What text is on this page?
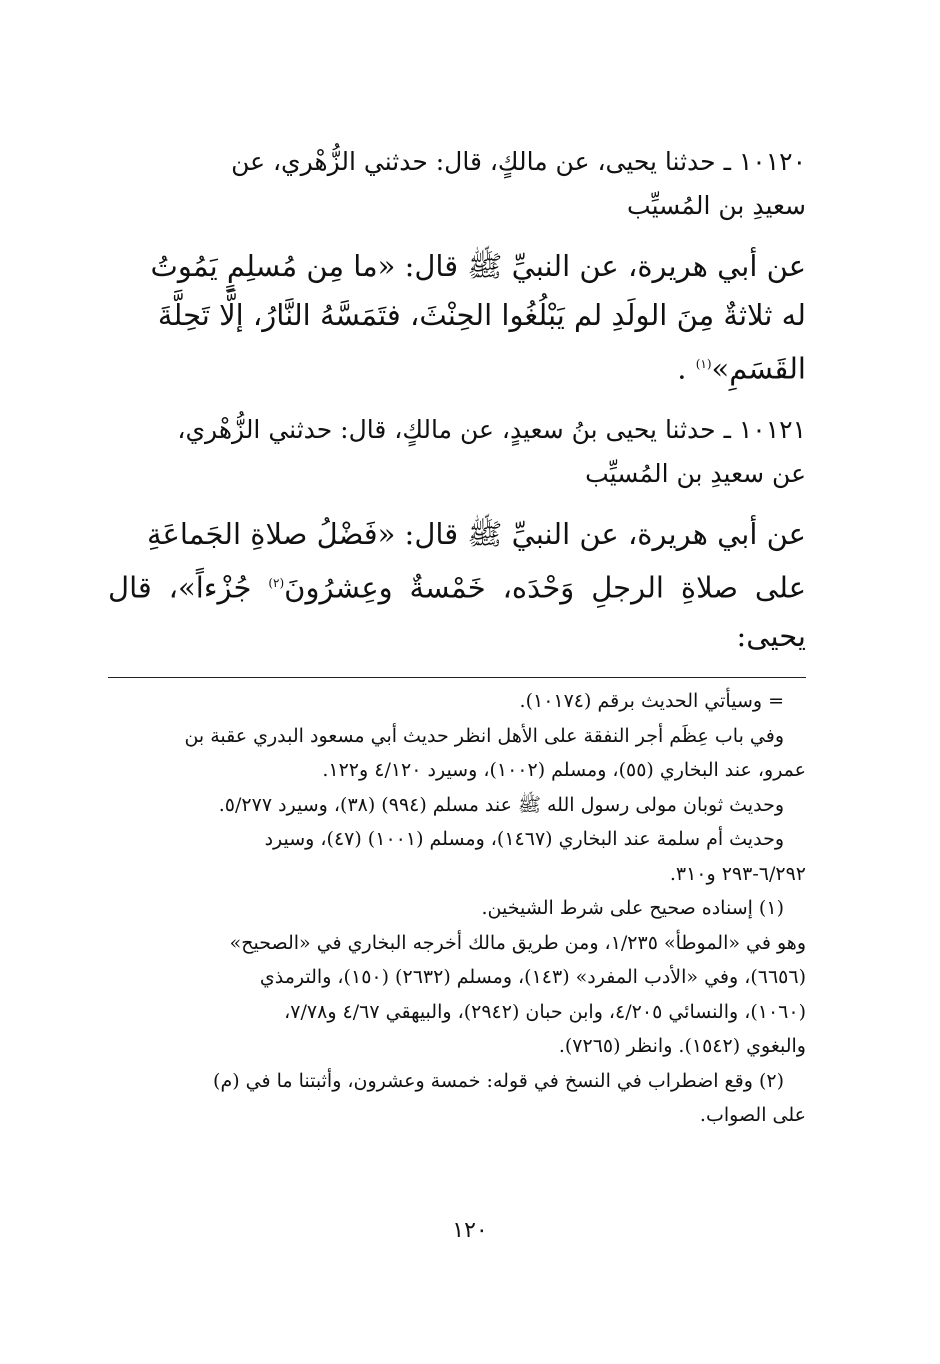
١٠١٢٠ ـ حدثنا يحيى، عن مالكٍ، قال: حدثني الزُّهْري، عن
سعيدِ بن المُسيِّب

عن أبي هريرة، عن النبيِّ ﷺ قال: «ما مِن مُسلِمٍ يَمُوتُ
له ثلاثةٌ مِنَ الولَدِ لم يَبْلُغُوا الحِنْثَ، فتَمَسَّهُ النَّارُ، إلَّا تَحِلَّةَ
القَسَمِ»$^{(١)}$ .

١٠١٢١ ـ حدثنا يحيى بنُ سعيدٍ، عن مالكٍ، قال: حدثني الزُّهْري،
عن سعيدِ بن المُسيِّب

عن أبي هريرة، عن النبيِّ ﷺ قال: «فَضْلُ صلاةِ الجَماعَةِ
على صلاةِ الرجلِ وَحْدَه، خَمْسةٌ وعِشرُونَ$^{(٢)}$ جُزْءاً»، قال يحيى:

= وسيأتي الحديث برقم (١٠١٧٤).

وفي باب عِظَم أجر النفقة على الأهل انظر حديث أبي مسعود البدري عقبة بن

عمرو، عند البخاري (٥٥)، ومسلم (١٠٠٢)، وسيرد ٤/١٢٠ و١٢٢.

وحديث ثوبان مولى رسول الله ﷺ عند مسلم (٩٩٤) (٣٨)، وسيرد ٥/٢٧٧.

وحديث أم سلمة عند البخاري (١٤٦٧)، ومسلم (١٠٠١) (٤٧)، وسيرد

٦/٢٩٢-٢٩٣ و٣١٠.

(١) إسناده صحيح على شرط الشيخين.

وهو في «الموطأ» ١/٢٣٥، ومن طريق مالك أخرجه البخاري في «الصحيح»

(٦٦٥٦)، وفي «الأدب المفرد» (١٤٣)، ومسلم (٢٦٣٢) (١٥٠)، والترمذي

(١٠٦٠)، والنسائي ٤/٢٠٥، وابن حبان (٢٩٤٢)، والبيهقي ٤/٦٧ و٧/٧٨،

والبغوي (١٥٤٢). وانظر (٧٢٦٥).

(٢) وقع اضطراب في النسخ في قوله: خمسة وعشرون، وأثبتنا ما في (م)

على الصواب.

١٢٠
